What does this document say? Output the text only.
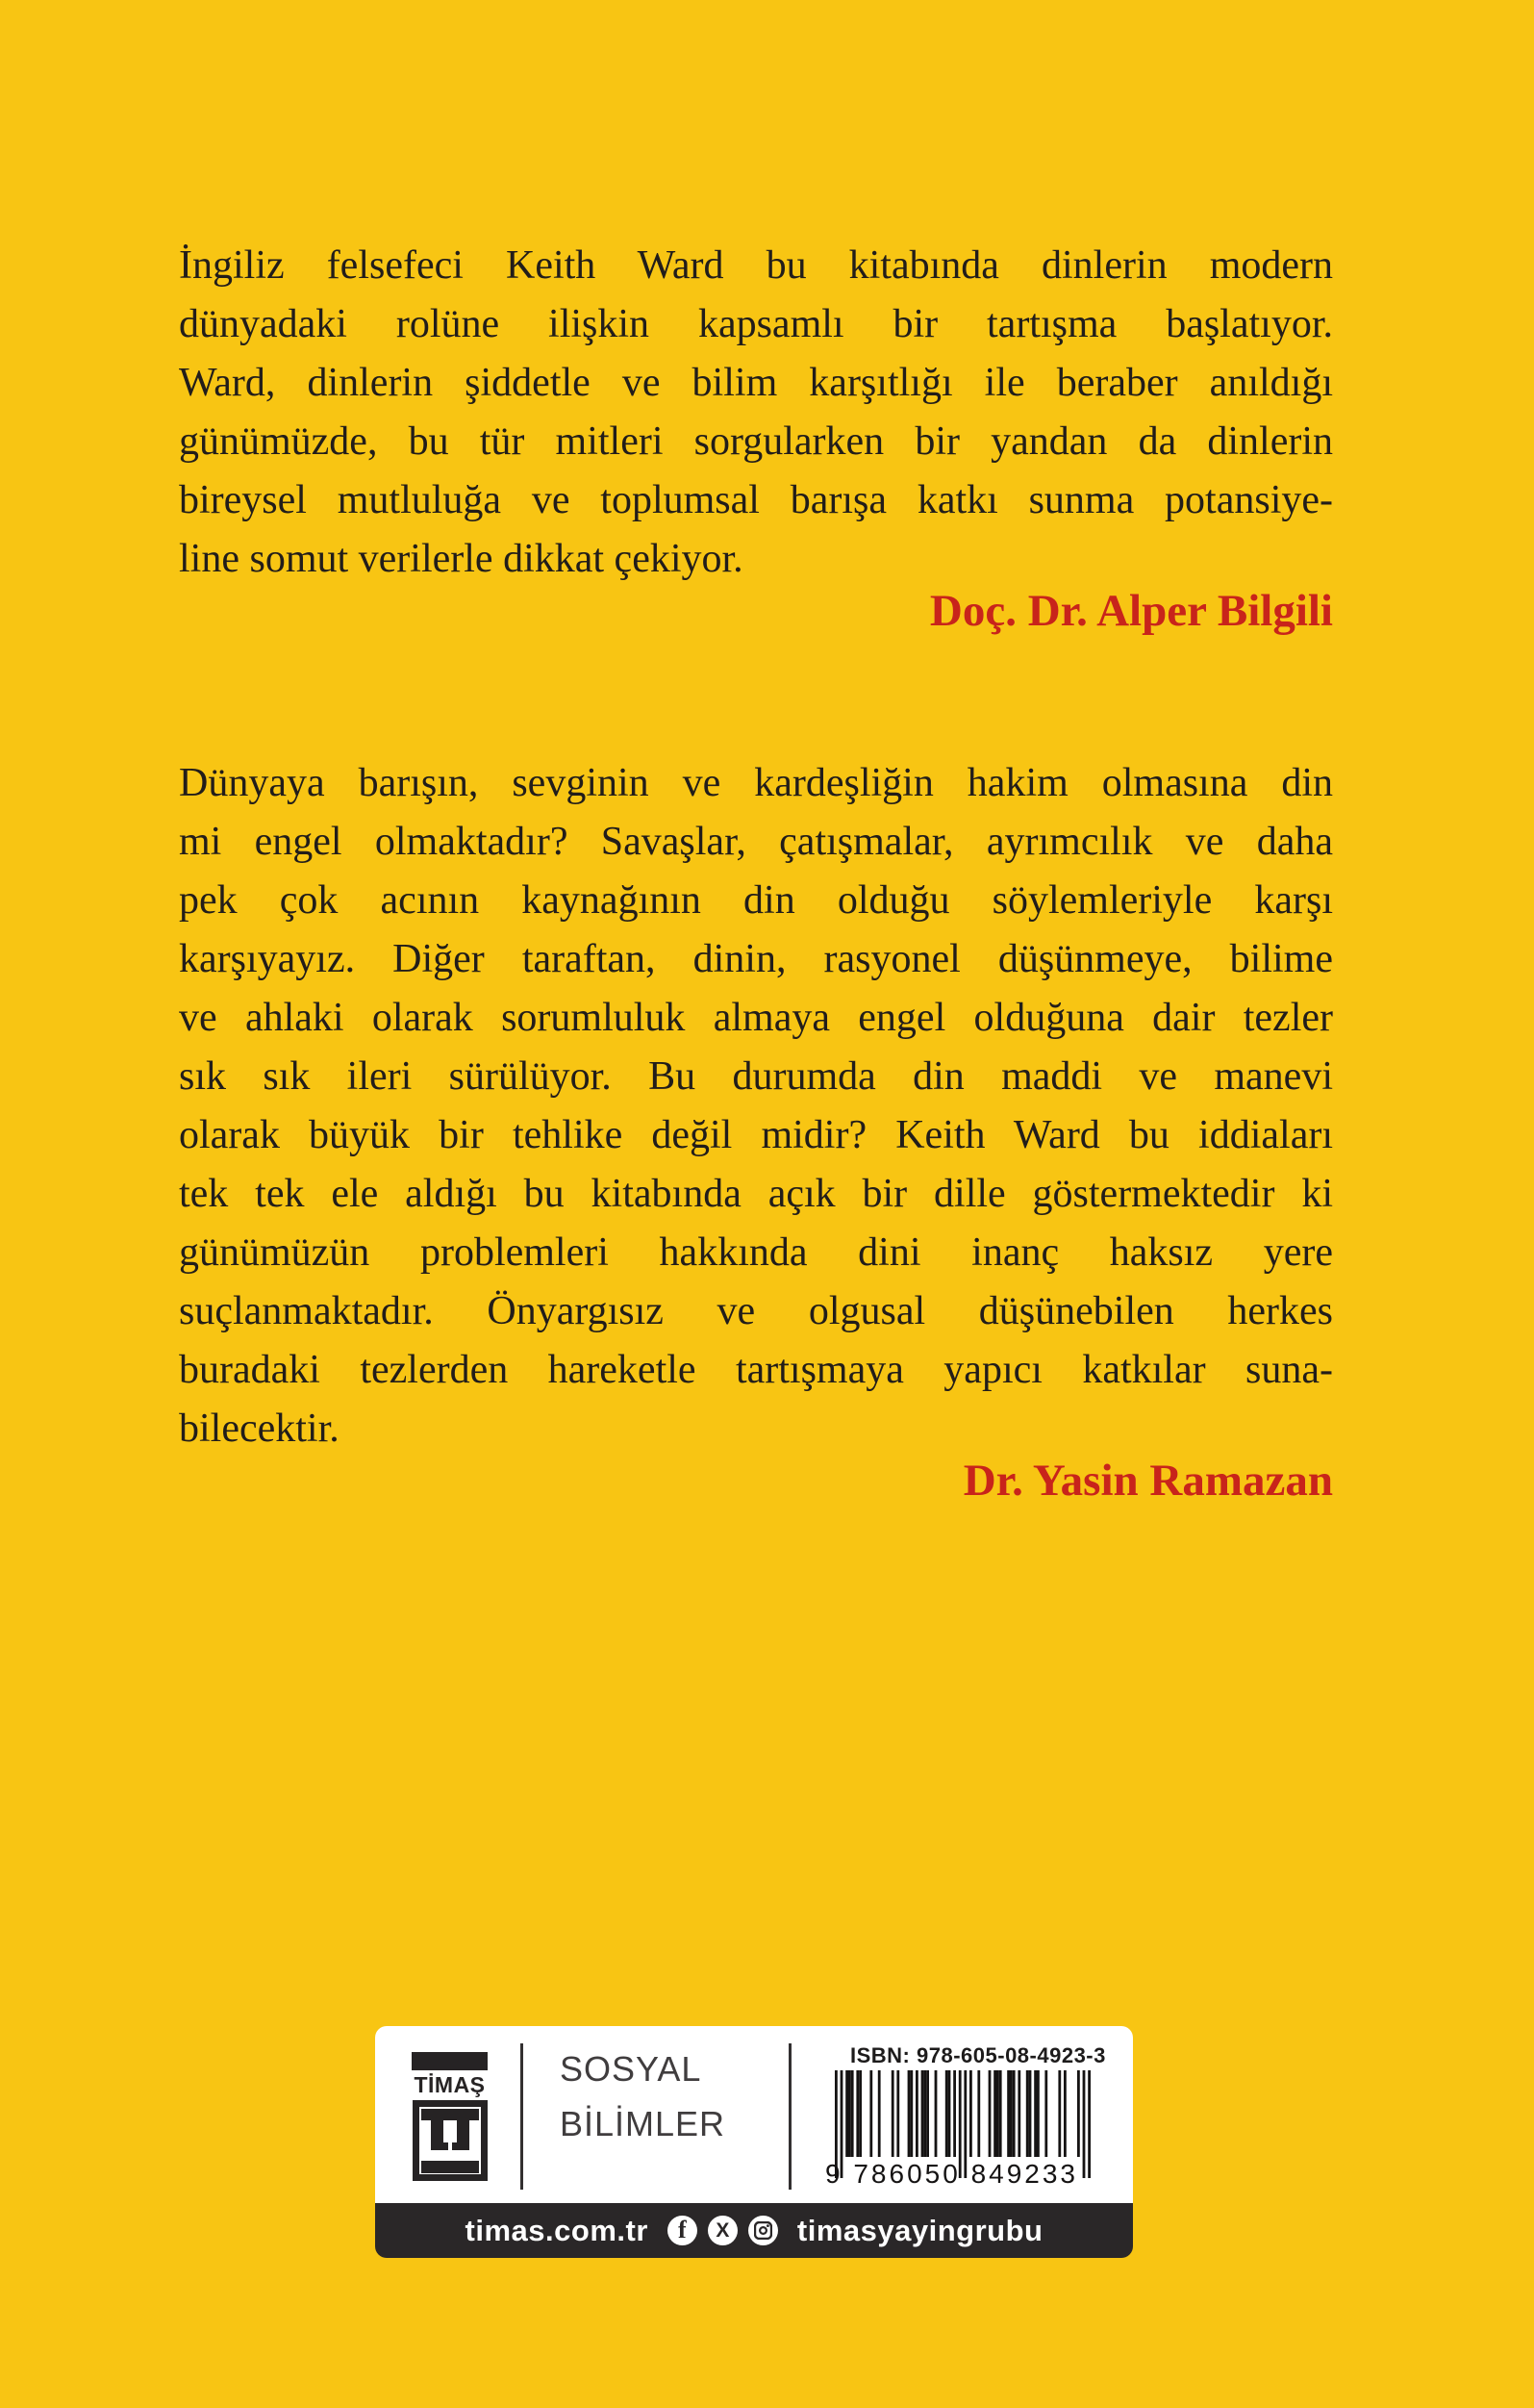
İngiliz felsefeci Keith Ward bu kitabında dinlerin modern
dünyadaki rolüne ilişkin kapsamlı bir tartışma başlatıyor.
Ward, dinlerin şiddetle ve bilim karşıtlığı ile beraber anıldığı
günümüzde, bu tür mitleri sorgularken bir yandan da dinlerin
bireysel mutluluğa ve toplumsal barışa katkı sunma potansiye-
line somut verilerle dikkat çekiyor.
Doç. Dr. Alper Bilgili
Dünyaya barışın, sevginin ve kardeşliğin hakim olmasına din
mi engel olmaktadır? Savaşlar, çatışmalar, ayrımcılık ve daha
pek çok acının kaynağının din olduğu söylemleriyle karşı
karşıyayız. Diğer taraftan, dinin, rasyonel düşünmeye, bilime
ve ahlaki olarak sorumluluk almaya engel olduğuna dair tezler
sık sık ileri sürülüyor. Bu durumda din maddi ve manevi
olarak büyük bir tehlike değil midir? Keith Ward bu iddiaları
tek tek ele aldığı bu kitabında açık bir dille göstermektedir ki
günümüzün problemleri hakkında dini inanç haksız yere
suçlanmaktadır. Önyargısız ve olgusal düşünebilen herkes
buradaki tezlerden hareketle tartışmaya yapıcı katkılar suna-
bilecektir.
Dr. Yasin Ramazan
TİMAŞ SOSYAL
BİLİMLER
ISBN: 978-605-08-4923-3
9 786050 849233
timas.com.tr f X timasyayingrubu
